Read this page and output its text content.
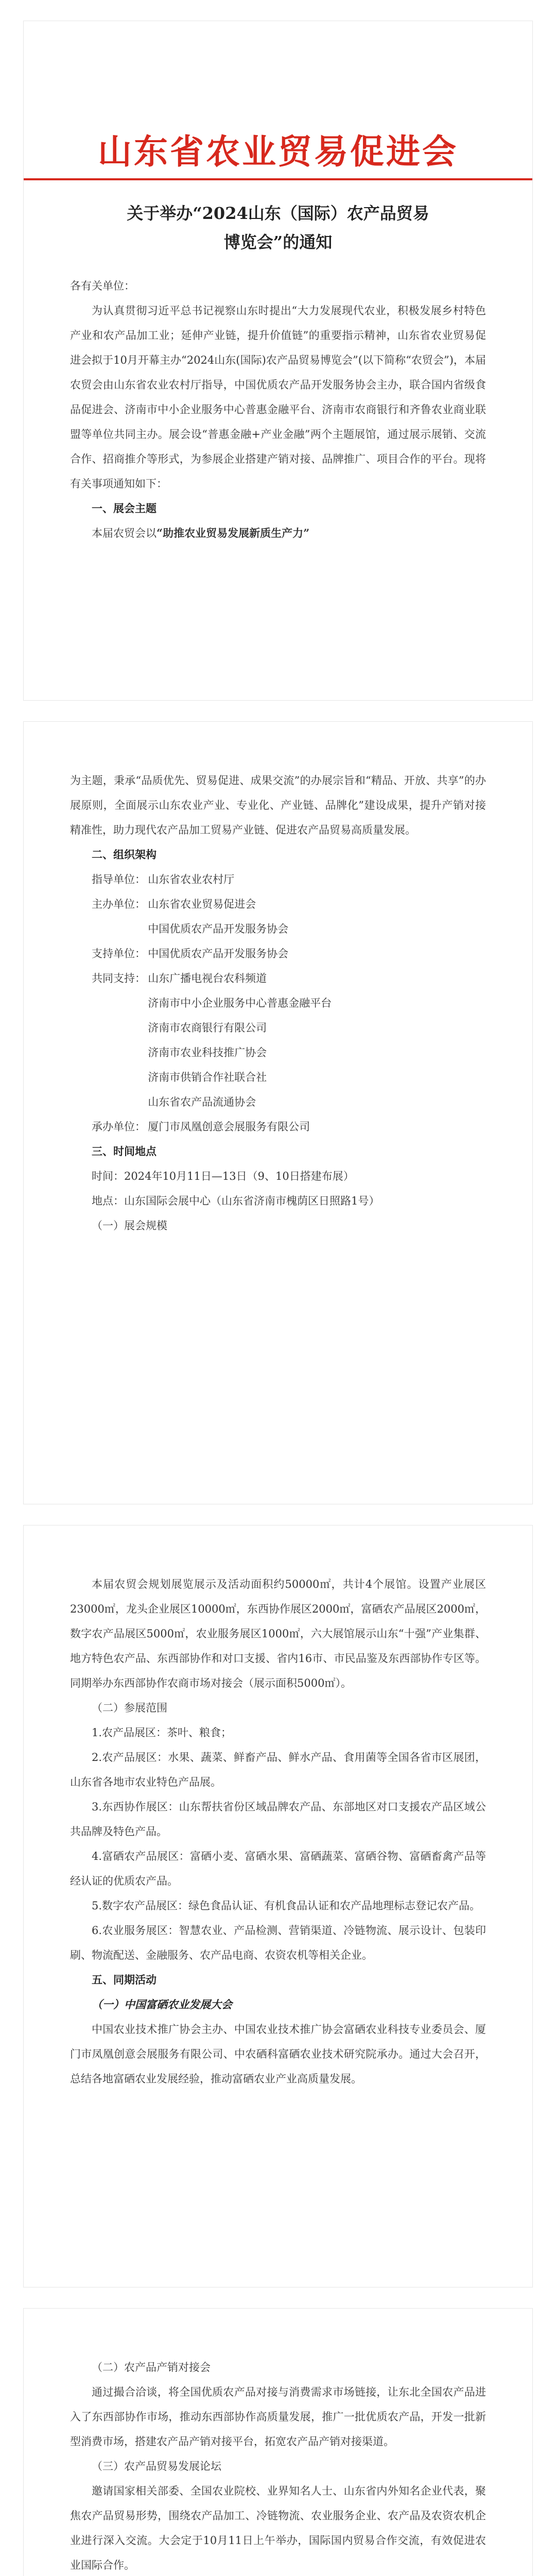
山东省农业贸易促进会
关于举办“2024山东（国际）农产品贸易
博览会”的通知

各有关单位：

为认真贯彻习近平总书记视察山东时提出“大力发展现代农业，积极发展乡村特色产业和农产品加工业；延伸产业链，提升价值链”的重要指示精神，山东省农业贸易促进会拟于10月开幕主办“2024山东(国际)农产品贸易博览会”(以下简称“农贸会”)，本届农贸会由山东省农业农村厅指导，中国优质农产品开发服务协会主办，联合国内省级食品促进会、济南市中小企业服务中心普惠金融平台、济南市农商银行和齐鲁农业商业联盟等单位共同主办。展会设“普惠金融+产业金融”两个主题展馆，通过展示展销、交流合作、招商推介等形式，为参展企业搭建产销对接、品牌推广、项目合作的平台。现将有关事项通知如下：

一、展会主题

本届农贸会以“助推农业贸易发展新质生产力”

为主题，秉承“品质优先、贸易促进、成果交流”的办展宗旨和“精品、开放、共享”的办展原则，全面展示山东农业产业、专业化、产业链、品牌化”建设成果，提升产销对接精准性，助力现代农产品加工贸易产业链、促进农产品贸易高质量发展。

二、组织架构

指导单位： 山东省农业农村厅
主办单位： 山东省农业贸易促进会
中国优质农产品开发服务协会
支持单位： 中国优质农产品开发服务协会
共同支持： 山东广播电视台农科频道
济南市中小企业服务中心普惠金融平台
济南市农商银行有限公司
济南市农业科技推广协会
济南市供销合作社联合社
山东省农产品流通协会
承办单位： 厦门市凤凰创意会展服务有限公司

三、时间地点

时间：2024年10月11日—13日（9、10日搭建布展）

地点：山东国际会展中心（山东省济南市槐荫区日照路1号）

（一）展会规模

本届农贸会规划展览展示及活动面积约50000㎡，共计4个展馆。设置产业展区23000㎡，龙头企业展区10000㎡，东西协作展区2000㎡，富硒农产品展区2000㎡，数字农产品展区5000㎡，农业服务展区1000㎡，六大展馆展示山东“十强”产业集群、地方特色农产品、东西部协作和对口支援、省内16市、市民品鉴及东西部协作专区等。同期举办东西部协作农商市场对接会（展示面积5000㎡）。

（二）参展范围

1.农产品展区：茶叶、粮食；

2.农产品展区：水果、蔬菜、鲜畜产品、鲜水产品、食用菌等全国各省市区展团，山东省各地市农业特色产品展。

3.东西协作展区：山东帮扶省份区域品牌农产品、东部地区对口支援农产品区域公共品牌及特色产品。

4.富硒农产品展区：富硒小麦、富硒水果、富硒蔬菜、富硒谷物、富硒畜禽产品等经认证的优质农产品。

5.数字农产品展区：绿色食品认证、有机食品认证和农产品地理标志登记农产品。

6.农业服务展区：智慧农业、产品检测、营销渠道、冷链物流、展示设计、包装印刷、物流配送、金融服务、农产品电商、农资农机等相关企业。

五、同期活动

（一）中国富硒农业发展大会

中国农业技术推广协会主办、中国农业技术推广协会富硒农业科技专业委员会、厦门市凤凰创意会展服务有限公司、中农硒科富硒农业技术研究院承办。通过大会召开，总结各地富硒农业发展经验，推动富硒农业产业高质量发展。

（二）农产品产销对接会

通过撮合洽谈，将全国优质农产品对接与消费需求市场链接，让东北全国农产品进入了东西部协作市场，推动东西部协作高质量发展，推广一批优质农产品，开发一批新型消费市场，搭建农产品产销对接平台，拓宽农产品产销对接渠道。

（三）农产品贸易发展论坛

邀请国家相关部委、全国农业院校、业界知名人士、山东省内外知名企业代表，聚焦农产品贸易形势，围绕农产品加工、冷链物流、农业服务企业、农产品及农资农机企业进行深入交流。大会定于10月11日上午举办，国际国内贸易合作交流，有效促进农业国际合作。
